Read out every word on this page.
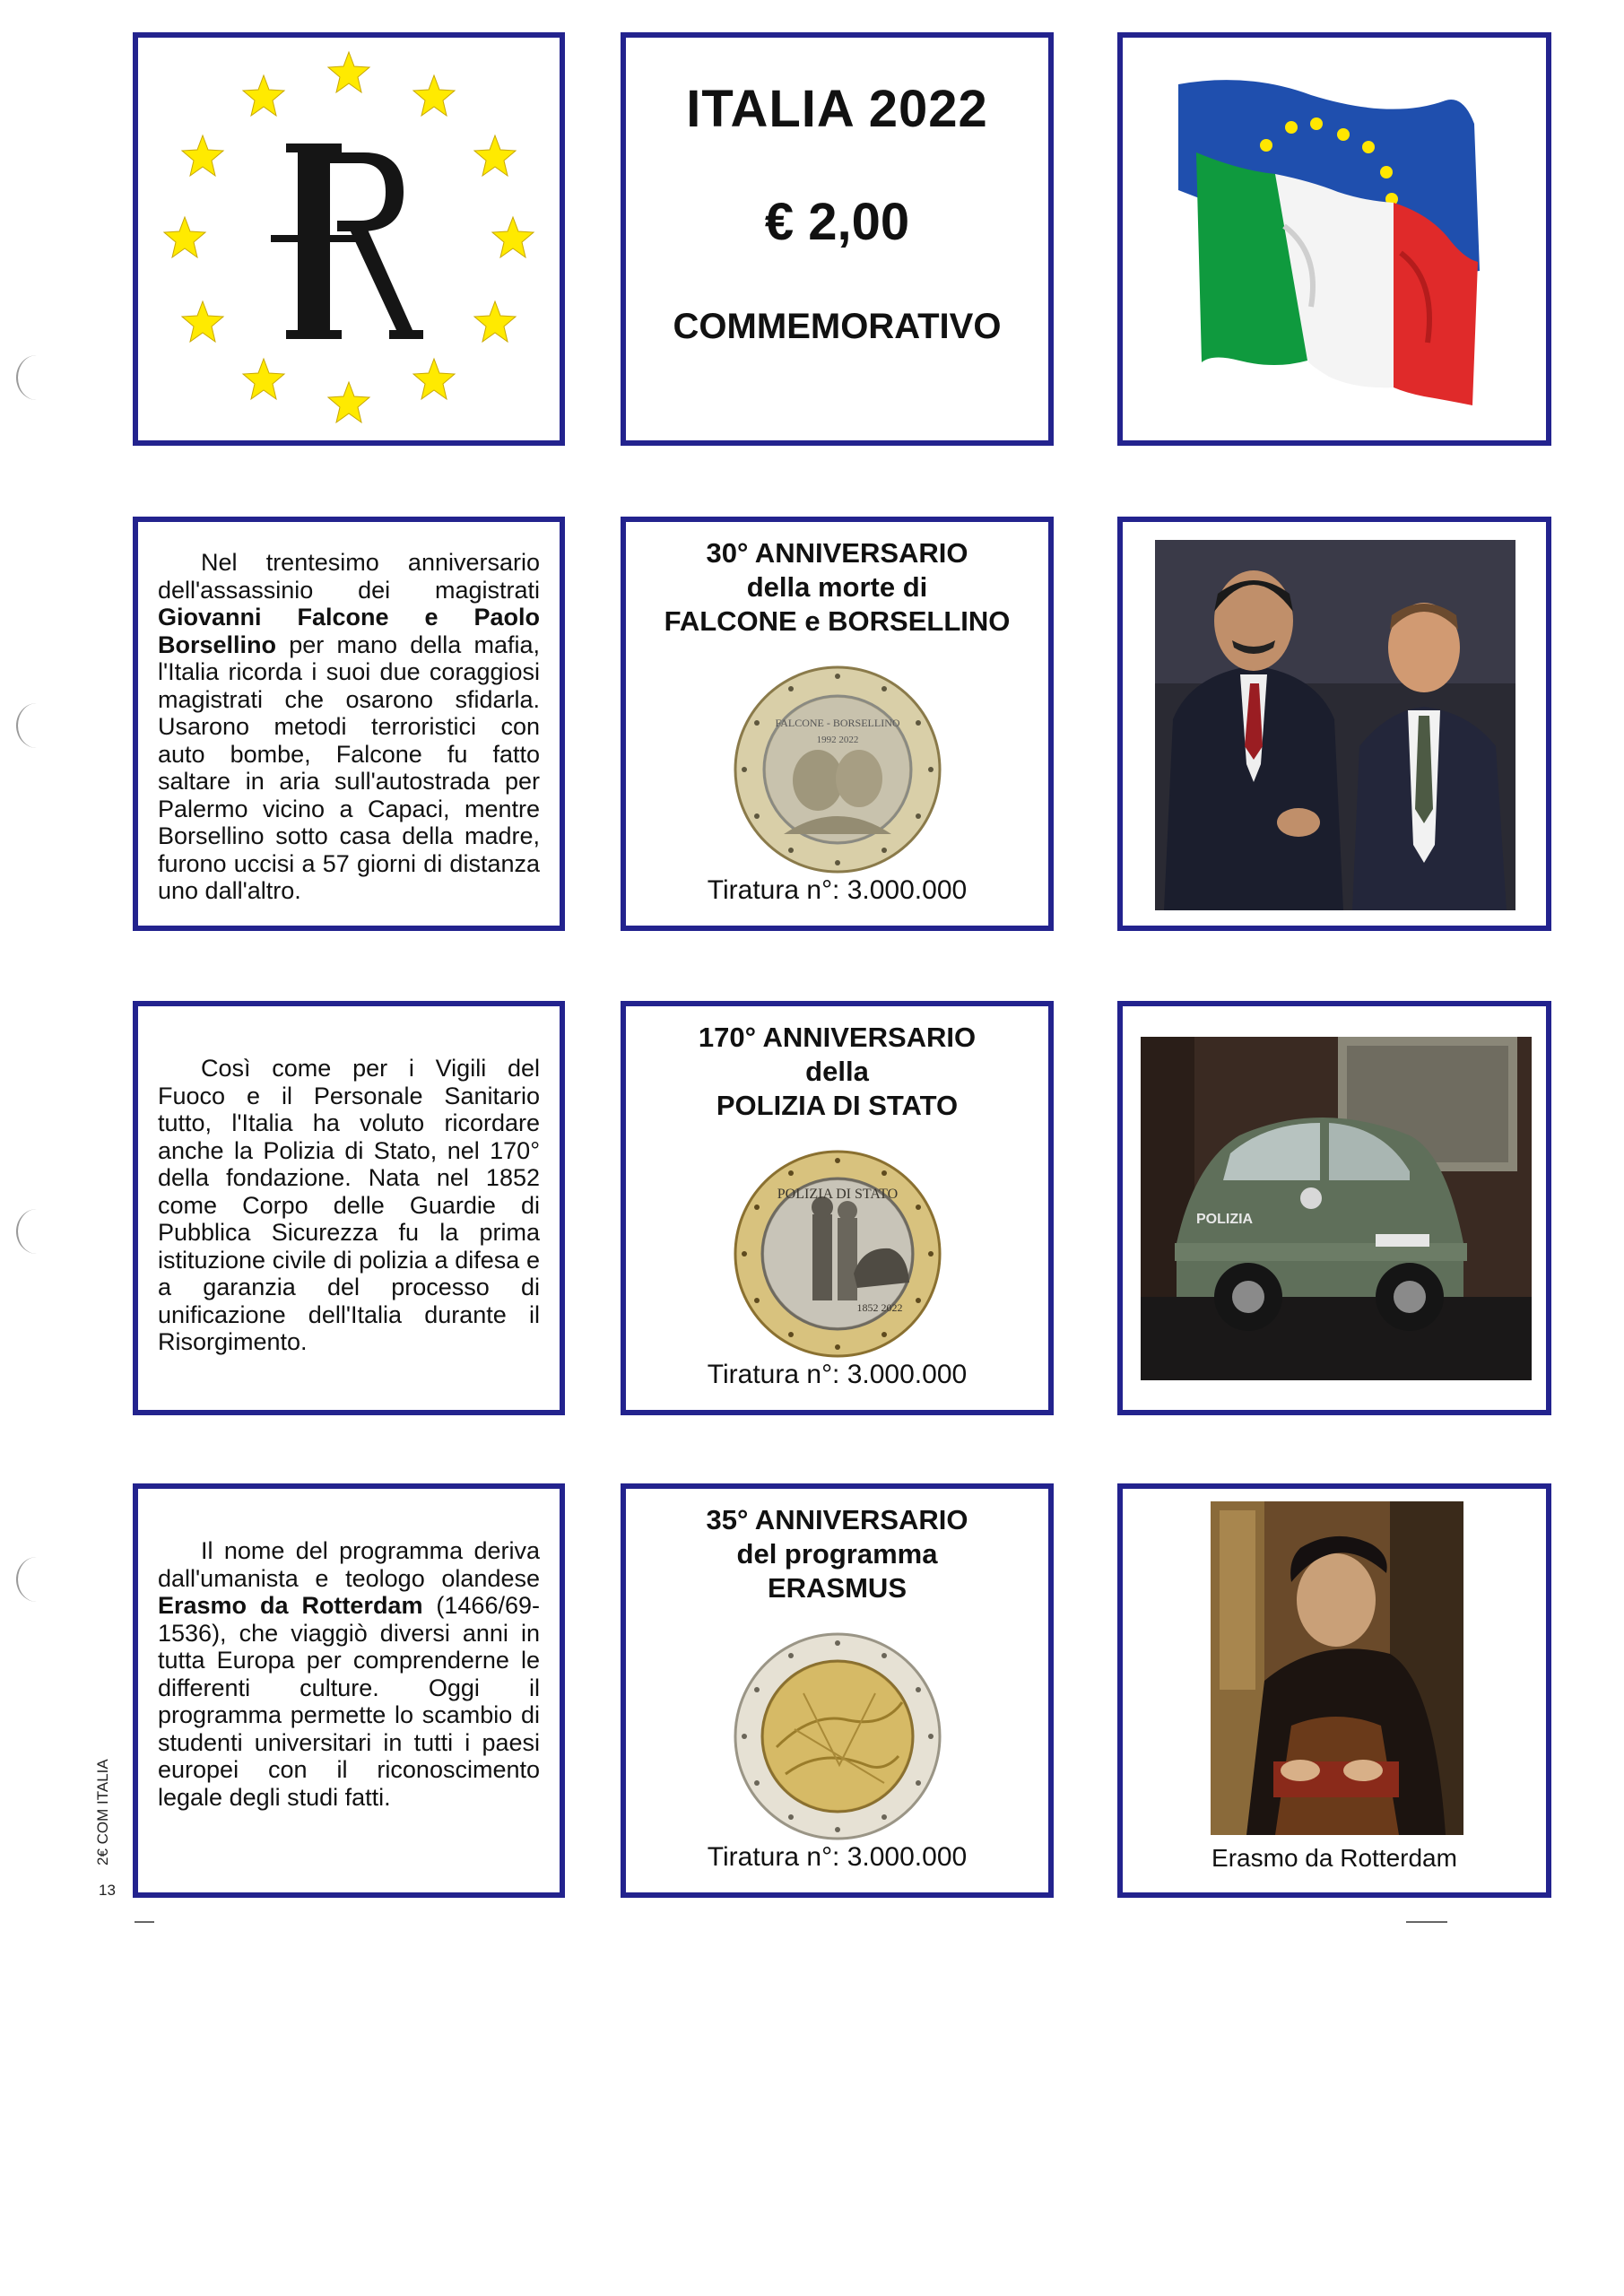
ITALIA 2022
€ 2,00
COMMEMORATIVO
Nel trentesimo anniversario dell'assassinio dei magistrati Giovanni Falcone e Paolo Borsellino per mano della mafia, l'Italia ricorda i suoi due coraggiosi magistrati che osarono sfidarla. Usarono metodi terroristici con auto bombe, Falcone fu fatto saltare in aria sull'autostrada per Palermo vicino a Capaci, mentre Borsellino sotto casa della madre, furono uccisi a 57 giorni di distanza uno dall'altro.
30° ANNIVERSARIO
della morte di
FALCONE e BORSELLINO
FALCONE - BORSELLINO
1992 2022
Tiratura n°: 3.000.000
Così come per i Vigili del Fuoco e il Personale Sanitario tutto, l'Italia ha voluto ricordare anche la Polizia di Stato, nel 170° della fondazione. Nata nel 1852 come Corpo delle Guardie di Pubblica Sicurezza fu la prima istituzione civile di polizia a difesa e a garanzia del processo di unificazione dell'Italia durante il Risorgimento.
170° ANNIVERSARIO
della
POLIZIA DI STATO
POLIZIA DI STATO
1852 2022
Tiratura n°: 3.000.000
POLIZIA
Il nome del programma deriva dall'umanista e teologo olandese Erasmo da Rotterdam (1466/69-1536), che viaggiò diversi anni in tutta Europa per comprenderne le differenti culture. Oggi il programma permette lo scambio di studenti universitari in tutti i paesi europei con il riconoscimento legale degli studi fatti.
35° ANNIVERSARIO
del programma
ERASMUS
Tiratura n°: 3.000.000	Erasmo da Rotterdam
2€ COM ITALIA
13
